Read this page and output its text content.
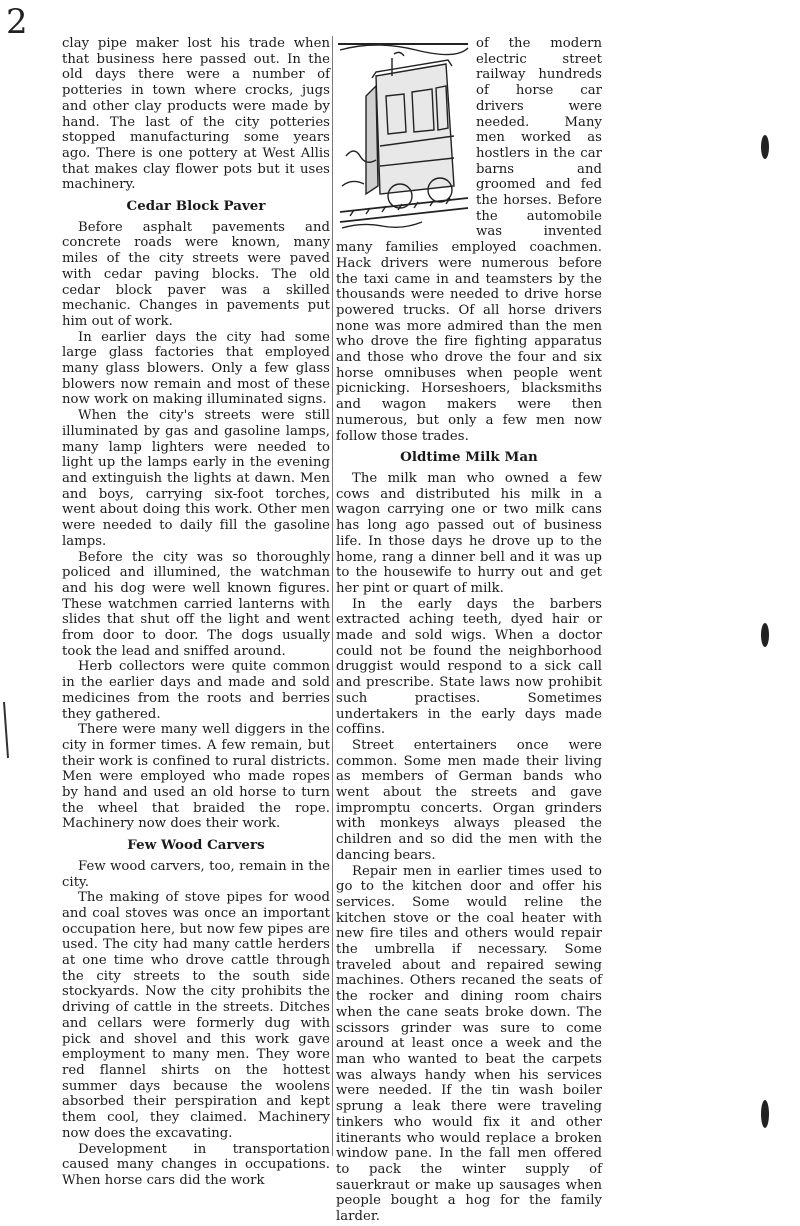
2

clay pipe maker lost his trade when that business here passed out. In the old days there were a number of potteries in town where crocks, jugs and other clay products were made by hand. The last of the city potteries stopped manufacturing some years ago. There is one pottery at West Allis that makes clay flower pots but it uses machinery.

Cedar Block Paver

Before asphalt pavements and concrete roads were known, many miles of the city streets were paved with cedar paving blocks. The old cedar block paver was a skilled mechanic. Changes in pavements put him out of work.

In earlier days the city had some large glass factories that employed many glass blowers. Only a few glass blowers now remain and most of these now work on making illuminated signs.

When the city's streets were still illuminated by gas and gasoline lamps, many lamp lighters were needed to light up the lamps early in the evening and extinguish the lights at dawn. Men and boys, carrying six-foot torches, went about doing this work. Other men were needed to daily fill the gasoline lamps.

Before the city was so thoroughly policed and illumined, the watchman and his dog were well known figures. These watchmen carried lanterns with slides that shut off the light and went from door to door. The dogs usually took the lead and sniffed around.

Herb collectors were quite common in the earlier days and made and sold medicines from the roots and berries they gathered.

There were many well diggers in the city in former times. A few remain, but their work is confined to rural districts. Men were employed who made ropes by hand and used an old horse to turn the wheel that braided the rope. Machinery now does their work.

Few Wood Carvers

Few wood carvers, too, remain in the city.

The making of stove pipes for wood and coal stoves was once an important occupation here, but now few pipes are used. The city had many cattle herders at one time who drove cattle through the city streets to the south side stockyards. Now the city prohibits the driving of cattle in the streets. Ditches and cellars were formerly dug with pick and shovel and this work gave employment to many men. They wore red flannel shirts on the hottest summer days because the woolens absorbed their perspiration and kept them cool, they claimed. Machinery now does the excavating.

Development in transportation caused many changes in occupations. When horse cars did the work

of the modern electric street railway hundreds of horse car drivers were needed. Many men worked as hostlers in the car barns and groomed and fed the horses. Before the automobile was invented many families employed coachmen. Hack drivers were numerous before the taxi came in and teamsters by the thousands were needed to drive horse powered trucks. Of all horse drivers none was more admired than the men who drove the fire fighting apparatus and those who drove the four and six horse omnibuses when people went picnicking. Horseshoers, blacksmiths and wagon makers were then numerous, but only a few men now follow those trades.

Oldtime Milk Man

The milk man who owned a few cows and distributed his milk in a wagon carrying one or two milk cans has long ago passed out of business life. In those days he drove up to the home, rang a dinner bell and it was up to the housewife to hurry out and get her pint or quart of milk.

In the early days the barbers extracted aching teeth, dyed hair or made and sold wigs. When a doctor could not be found the neighborhood druggist would respond to a sick call and prescribe. State laws now prohibit such practises. Sometimes undertakers in the early days made coffins.

Street entertainers once were common. Some men made their living as members of German bands who went about the streets and gave impromptu concerts. Organ grinders with monkeys always pleased the children and so did the men with the dancing bears.

Repair men in earlier times used to go to the kitchen door and offer his services. Some would reline the kitchen stove or the coal heater with new fire tiles and others would repair the umbrella if necessary. Some traveled about and repaired sewing machines. Others recaned the seats of the rocker and dining room chairs when the cane seats broke down. The scissors grinder was sure to come around at least once a week and the man who wanted to beat the carpets was always handy when his services were needed. If the tin wash boiler sprung a leak there were traveling tinkers who would fix it and other itinerants who would replace a broken window pane. In the fall men offered to pack the winter supply of sauerkraut or make up sausages when people bought a hog for the family larder.
